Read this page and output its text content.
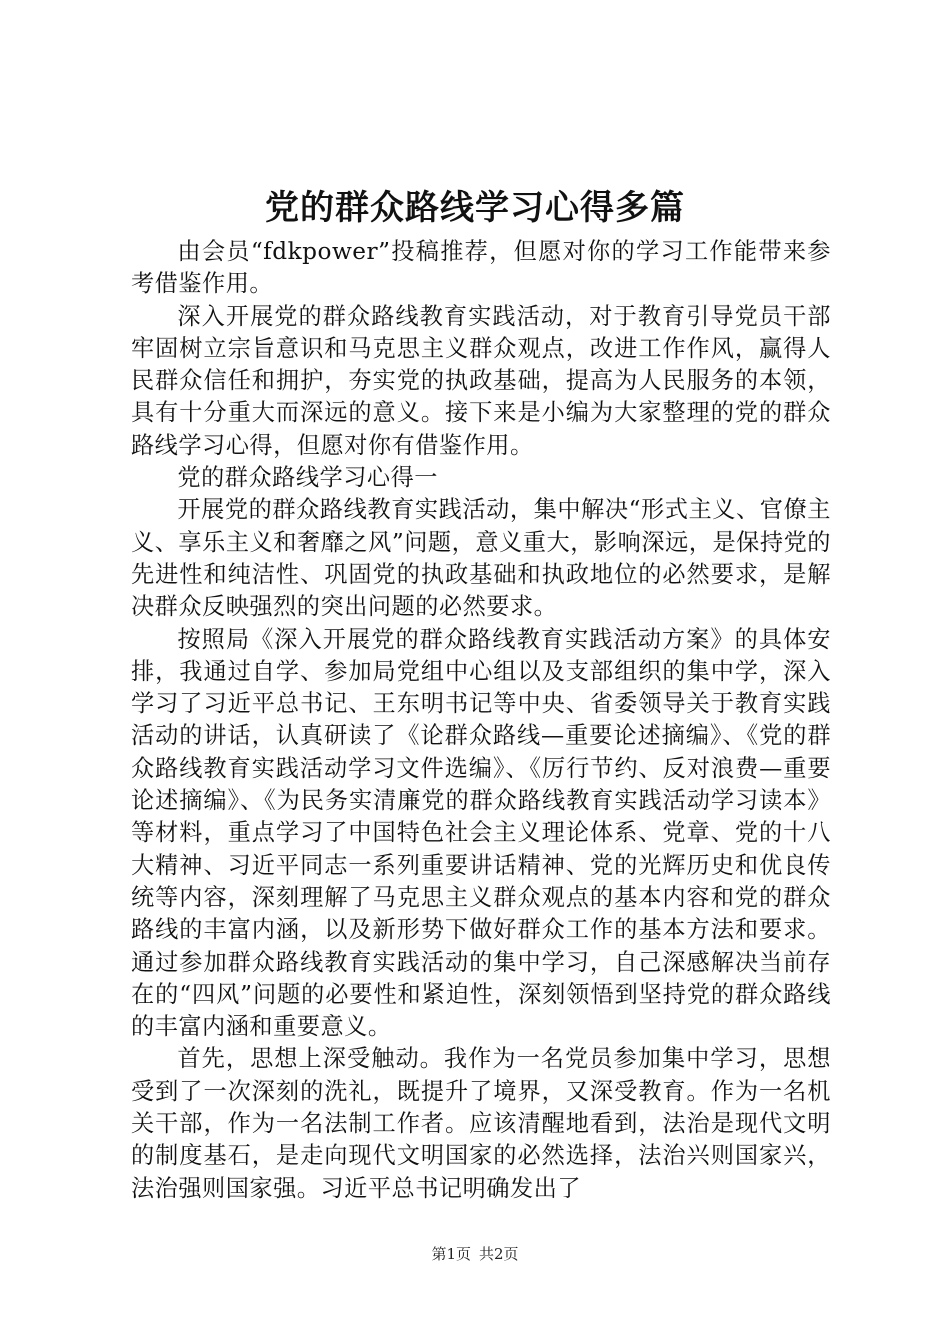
党的群众路线学习心得多篇

由会员“fdkpower”投稿推荐，但愿对你的学习工作能带来参考借鉴作用。

深入开展党的群众路线教育实践活动，对于教育引导党员干部牢固树立宗旨意识和马克思主义群众观点，改进工作作风，赢得人民群众信任和拥护，夯实党的执政基础，提高为人民服务的本领，具有十分重大而深远的意义。接下来是小编为大家整理的党的群众路线学习心得，但愿对你有借鉴作用。

党的群众路线学习心得一

开展党的群众路线教育实践活动，集中解决“形式主义、官僚主义、享乐主义和奢靡之风”问题，意义重大，影响深远，是保持党的先进性和纯洁性、巩固党的执政基础和执政地位的必然要求，是解决群众反映强烈的突出问题的必然要求。

按照局《深入开展党的群众路线教育实践活动方案》的具体安排，我通过自学、参加局党组中心组以及支部组织的集中学，深入学习了习近平总书记、王东明书记等中央、省委领导关于教育实践活动的讲话，认真研读了《论群众路线—重要论述摘编》、《党的群众路线教育实践活动学习文件选编》、《厉行节约、反对浪费—重要论述摘编》、《为民务实清廉党的群众路线教育实践活动学习读本》等材料，重点学习了中国特色社会主义理论体系、党章、党的十八大精神、习近平同志一系列重要讲话精神、党的光辉历史和优良传统等内容，深刻理解了马克思主义群众观点的基本内容和党的群众路线的丰富内涵，以及新形势下做好群众工作的基本方法和要求。通过参加群众路线教育实践活动的集中学习，自己深感解决当前存在的“四风”问题的必要性和紧迫性，深刻领悟到坚持党的群众路线的丰富内涵和重要意义。

首先，思想上深受触动。我作为一名党员参加集中学习，思想受到了一次深刻的洗礼，既提升了境界，又深受教育。作为一名机关干部，作为一名法制工作者。应该清醒地看到，法治是现代文明的制度基石，是走向现代文明国家的必然选择，法治兴则国家兴，法治强则国家强。习近平总书记明确发出了

第1页 共2页
